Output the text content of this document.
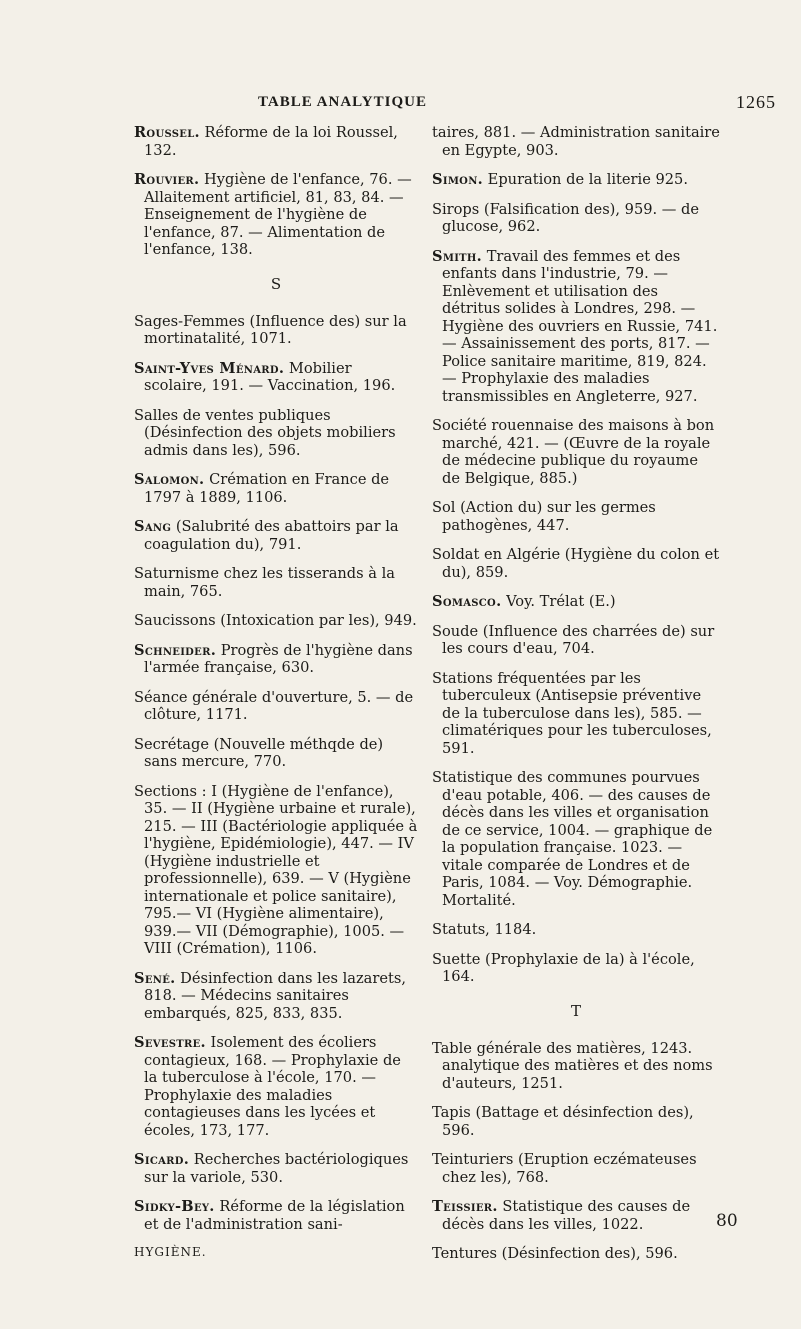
TABLE ANALYTIQUE	1265
Roussel. Réforme de la loi Roussel, 132.
Rouvier. Hygiène de l'enfance, 76. — Allaitement artificiel, 81, 83, 84. — Enseignement de l'hygiène de l'enfance, 87. — Alimentation de l'enfance, 138.
S
Sages-Femmes (Influence des) sur la mortinatalité, 1071.
Saint-Yves Ménard. Mobilier scolaire, 191. — Vaccination, 196.
Salles de ventes publiques (Désinfection des objets mobiliers admis dans les), 596.
Salomon. Crémation en France de 1797 à 1889, 1106.
Sang (Salubrité des abattoirs par la coagulation du), 791.
Saturnisme chez les tisserands à la main, 765.
Saucissons (Intoxication par les), 949.
Schneider. Progrès de l'hygiène dans l'armée française, 630.
Séance générale d'ouverture, 5. — de clôture, 1171.
Secrétage (Nouvelle méthqde de) sans mercure, 770.
Sections : I (Hygiène de l'enfance), 35. — II (Hygiène urbaine et rurale), 215. — III (Bactériologie appliquée à l'hygiène, Epidémiologie), 447. — IV (Hygiène industrielle et professionnelle), 639. — V (Hygiène internationale et police sanitaire), 795.— VI (Hygiène alimentaire), 939.— VII (Démographie), 1005. — VIII (Crémation), 1106.
Sené. Désinfection dans les lazarets, 818. — Médecins sanitaires embarqués, 825, 833, 835.
Sevestre. Isolement des écoliers contagieux, 168. — Prophylaxie de la tuberculose à l'école, 170. — Prophylaxie des maladies contagieuses dans les lycées et écoles, 173, 177.
Sicard. Recherches bactériologiques sur la variole, 530.
Sidky-Bey. Réforme de la législation et de l'administration sani-
HYGIÈNE.
taires, 881. — Administration sanitaire en Egypte, 903.
Simon. Epuration de la literie 925.
Sirops (Falsification des), 959. — de glucose, 962.
Smith. Travail des femmes et des enfants dans l'industrie, 79. — Enlèvement et utilisation des détritus solides à Londres, 298. — Hygiène des ouvriers en Russie, 741.— Assainissement des ports, 817. — Police sanitaire maritime, 819, 824.— Prophylaxie des maladies transmissibles en Angleterre, 927.
Société rouennaise des maisons à bon marché, 421. — (Œuvre de la royale de médecine publique du royaume de Belgique, 885.)
Sol (Action du) sur les germes pathogènes, 447.
Soldat en Algérie (Hygiène du colon et du), 859.
Somasco. Voy. Trélat (E.)
Soude (Influence des charrées de) sur les cours d'eau, 704.
Stations fréquentées par les tuberculeux (Antisepsie préventive de la tuberculose dans les), 585. — climatériques pour les tuberculoses, 591.
Statistique des communes pourvues d'eau potable, 406. — des causes de décès dans les villes et organisation de ce service, 1004. — graphique de la population française. 1023. — vitale comparée de Londres et de Paris, 1084. — Voy. Démographie. Mortalité.
Statuts, 1184.
Suette (Prophylaxie de la) à l'école, 164.
T
Table générale des matières, 1243. analytique des matières et des noms d'auteurs, 1251.
Tapis (Battage et désinfection des), 596.
Teinturiers (Eruption eczémateuses chez les), 768.
Teissier. Statistique des causes de décès dans les villes, 1022.
Tentures (Désinfection des), 596.
80
